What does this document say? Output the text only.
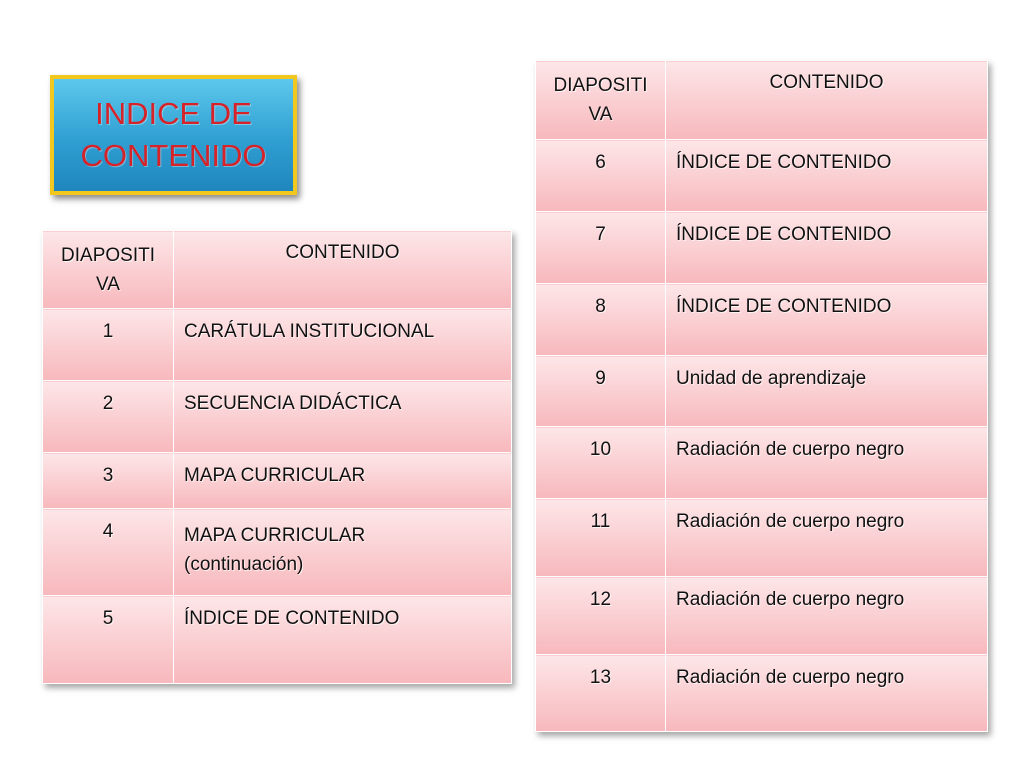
INDICE DE
CONTENIDO
DIAPOSITI
VA	CONTENIDO
1	CARÁTULA INSTITUCIONAL
2	SECUENCIA DIDÁCTICA
3	MAPA CURRICULAR
4	MAPA CURRICULAR
(continuación)
5	ÍNDICE DE CONTENIDO
DIAPOSITI
VA	CONTENIDO
6	ÍNDICE DE CONTENIDO
7	ÍNDICE DE CONTENIDO
8	ÍNDICE DE CONTENIDO
9	Unidad de aprendizaje
10	Radiación de cuerpo negro
11	Radiación de cuerpo negro
12	Radiación de cuerpo negro
13	Radiación de cuerpo negro
